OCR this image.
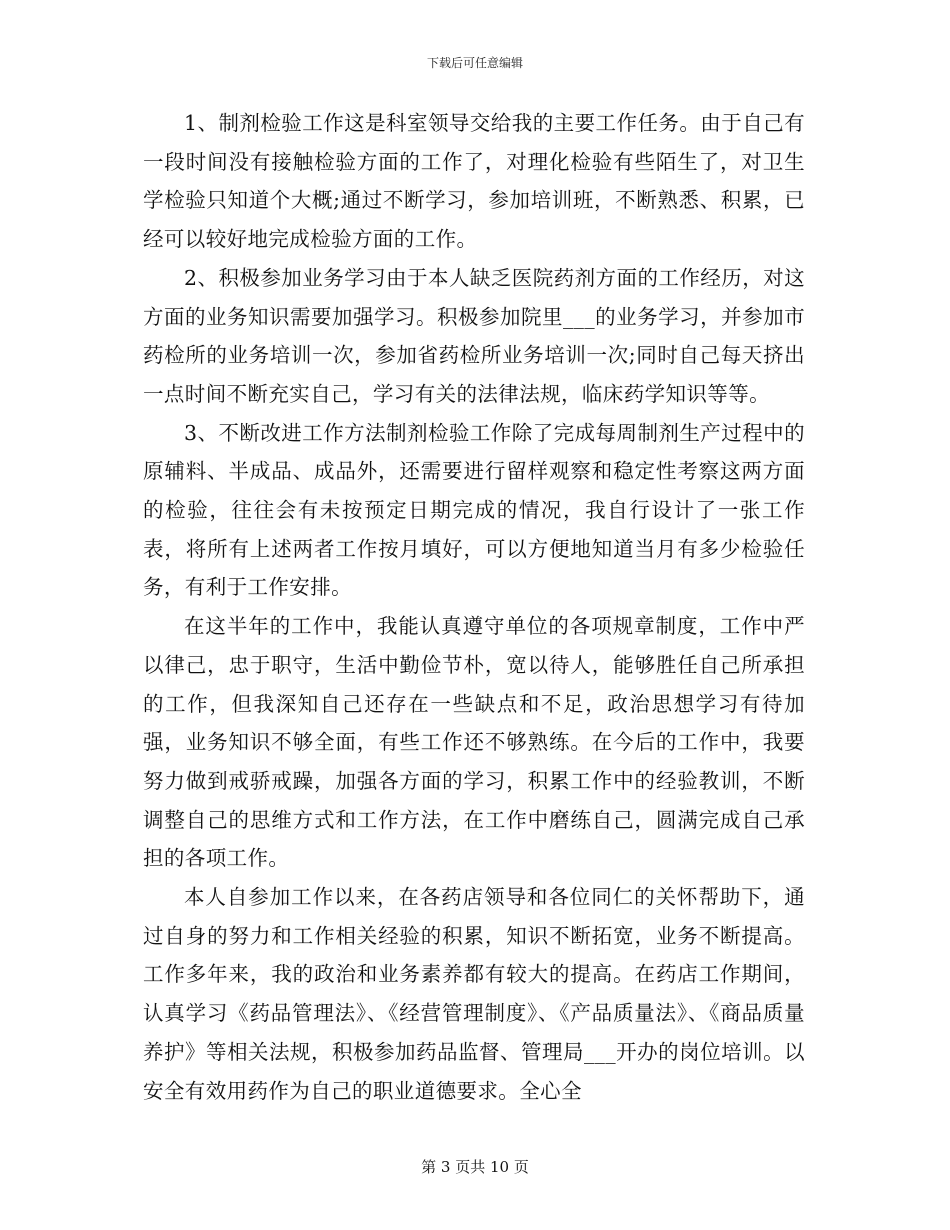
下载后可任意编辑

1、制剂检验工作这是科室领导交给我的主要工作任务。由于自己有一段时间没有接触检验方面的工作了，对理化检验有些陌生了，对卫生学检验只知道个大概;通过不断学习，参加培训班，不断熟悉、积累，已经可以较好地完成检验方面的工作。

2、积极参加业务学习由于本人缺乏医院药剂方面的工作经历，对这方面的业务知识需要加强学习。积极参加院里___的业务学习，并参加市药检所的业务培训一次，参加省药检所业务培训一次;同时自己每天挤出一点时间不断充实自己，学习有关的法律法规，临床药学知识等等。

3、不断改进工作方法制剂检验工作除了完成每周制剂生产过程中的原辅料、半成品、成品外，还需要进行留样观察和稳定性考察这两方面的检验，往往会有未按预定日期完成的情况，我自行设计了一张工作表，将所有上述两者工作按月填好，可以方便地知道当月有多少检验任务，有利于工作安排。

在这半年的工作中，我能认真遵守单位的各项规章制度，工作中严以律己，忠于职守，生活中勤俭节朴，宽以待人，能够胜任自己所承担的工作，但我深知自己还存在一些缺点和不足，政治思想学习有待加强，业务知识不够全面，有些工作还不够熟练。在今后的工作中，我要努力做到戒骄戒躁，加强各方面的学习，积累工作中的经验教训，不断调整自己的思维方式和工作方法，在工作中磨练自己，圆满完成自己承担的各项工作。

本人自参加工作以来，在各药店领导和各位同仁的关怀帮助下，通过自身的努力和工作相关经验的积累，知识不断拓宽，业务不断提高。工作多年来，我的政治和业务素养都有较大的提高。在药店工作期间，认真学习《药品管理法》、《经营管理制度》、《产品质量法》、《商品质量养护》等相关法规，积极参加药品监督、管理局___开办的岗位培训。以安全有效用药作为自己的职业道德要求。全心全

第 3 页共 10 页
